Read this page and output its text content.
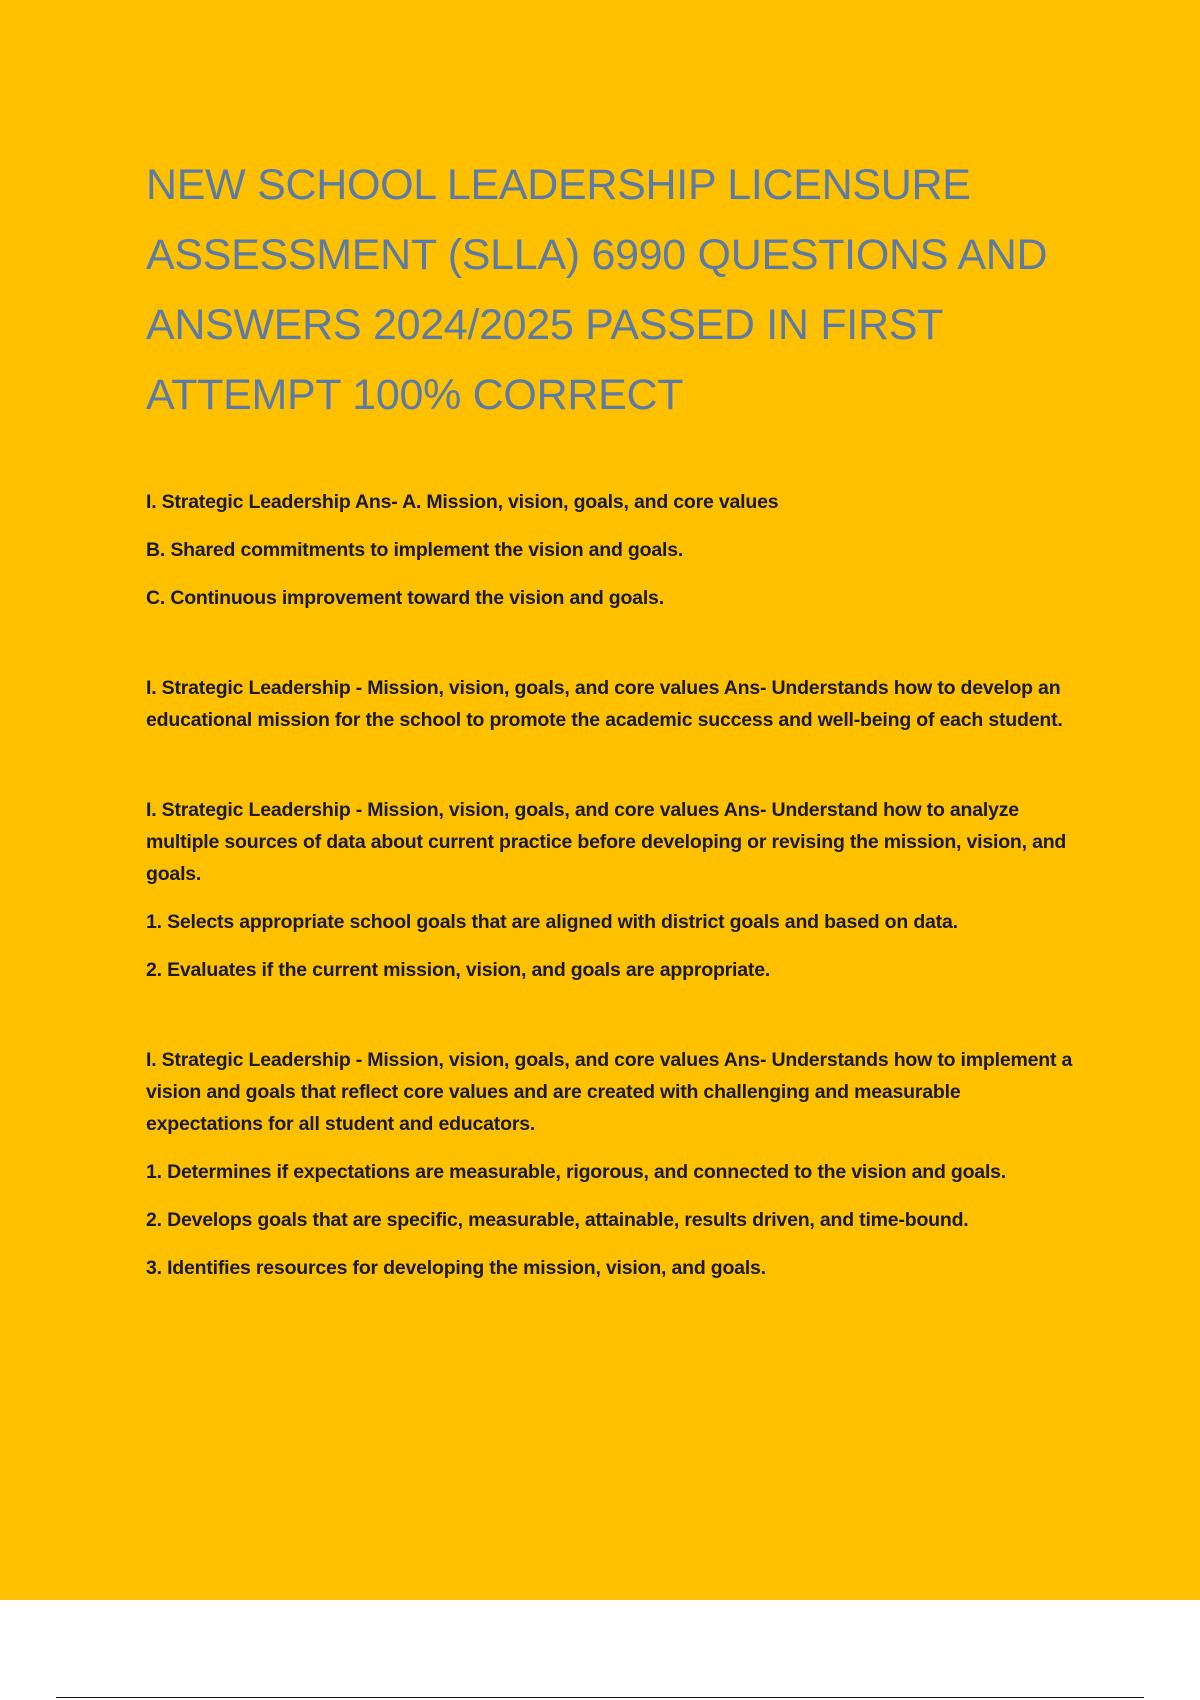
NEW SCHOOL LEADERSHIP LICENSURE ASSESSMENT (SLLA) 6990 QUESTIONS AND ANSWERS 2024/2025 PASSED IN FIRST ATTEMPT 100% CORRECT

I. Strategic Leadership Ans- A. Mission, vision, goals, and core values

B. Shared commitments to implement the vision and goals.

C. Continuous improvement toward the vision and goals.

I. Strategic Leadership - Mission, vision, goals, and core values Ans- Understands how to develop an educational mission for the school to promote the academic success and well-being of each student.

I. Strategic Leadership - Mission, vision, goals, and core values Ans- Understand how to analyze multiple sources of data about current practice before developing or revising the mission, vision, and goals.

1. Selects appropriate school goals that are aligned with district goals and based on data.

2. Evaluates if the current mission, vision, and goals are appropriate.

I. Strategic Leadership - Mission, vision, goals, and core values Ans- Understands how to implement a vision and goals that reflect core values and are created with challenging and measurable expectations for all student and educators.

1. Determines if expectations are measurable, rigorous, and connected to the vision and goals.

2. Develops goals that are specific, measurable, attainable, results driven, and time-bound.

3. Identifies resources for developing the mission, vision, and goals.
